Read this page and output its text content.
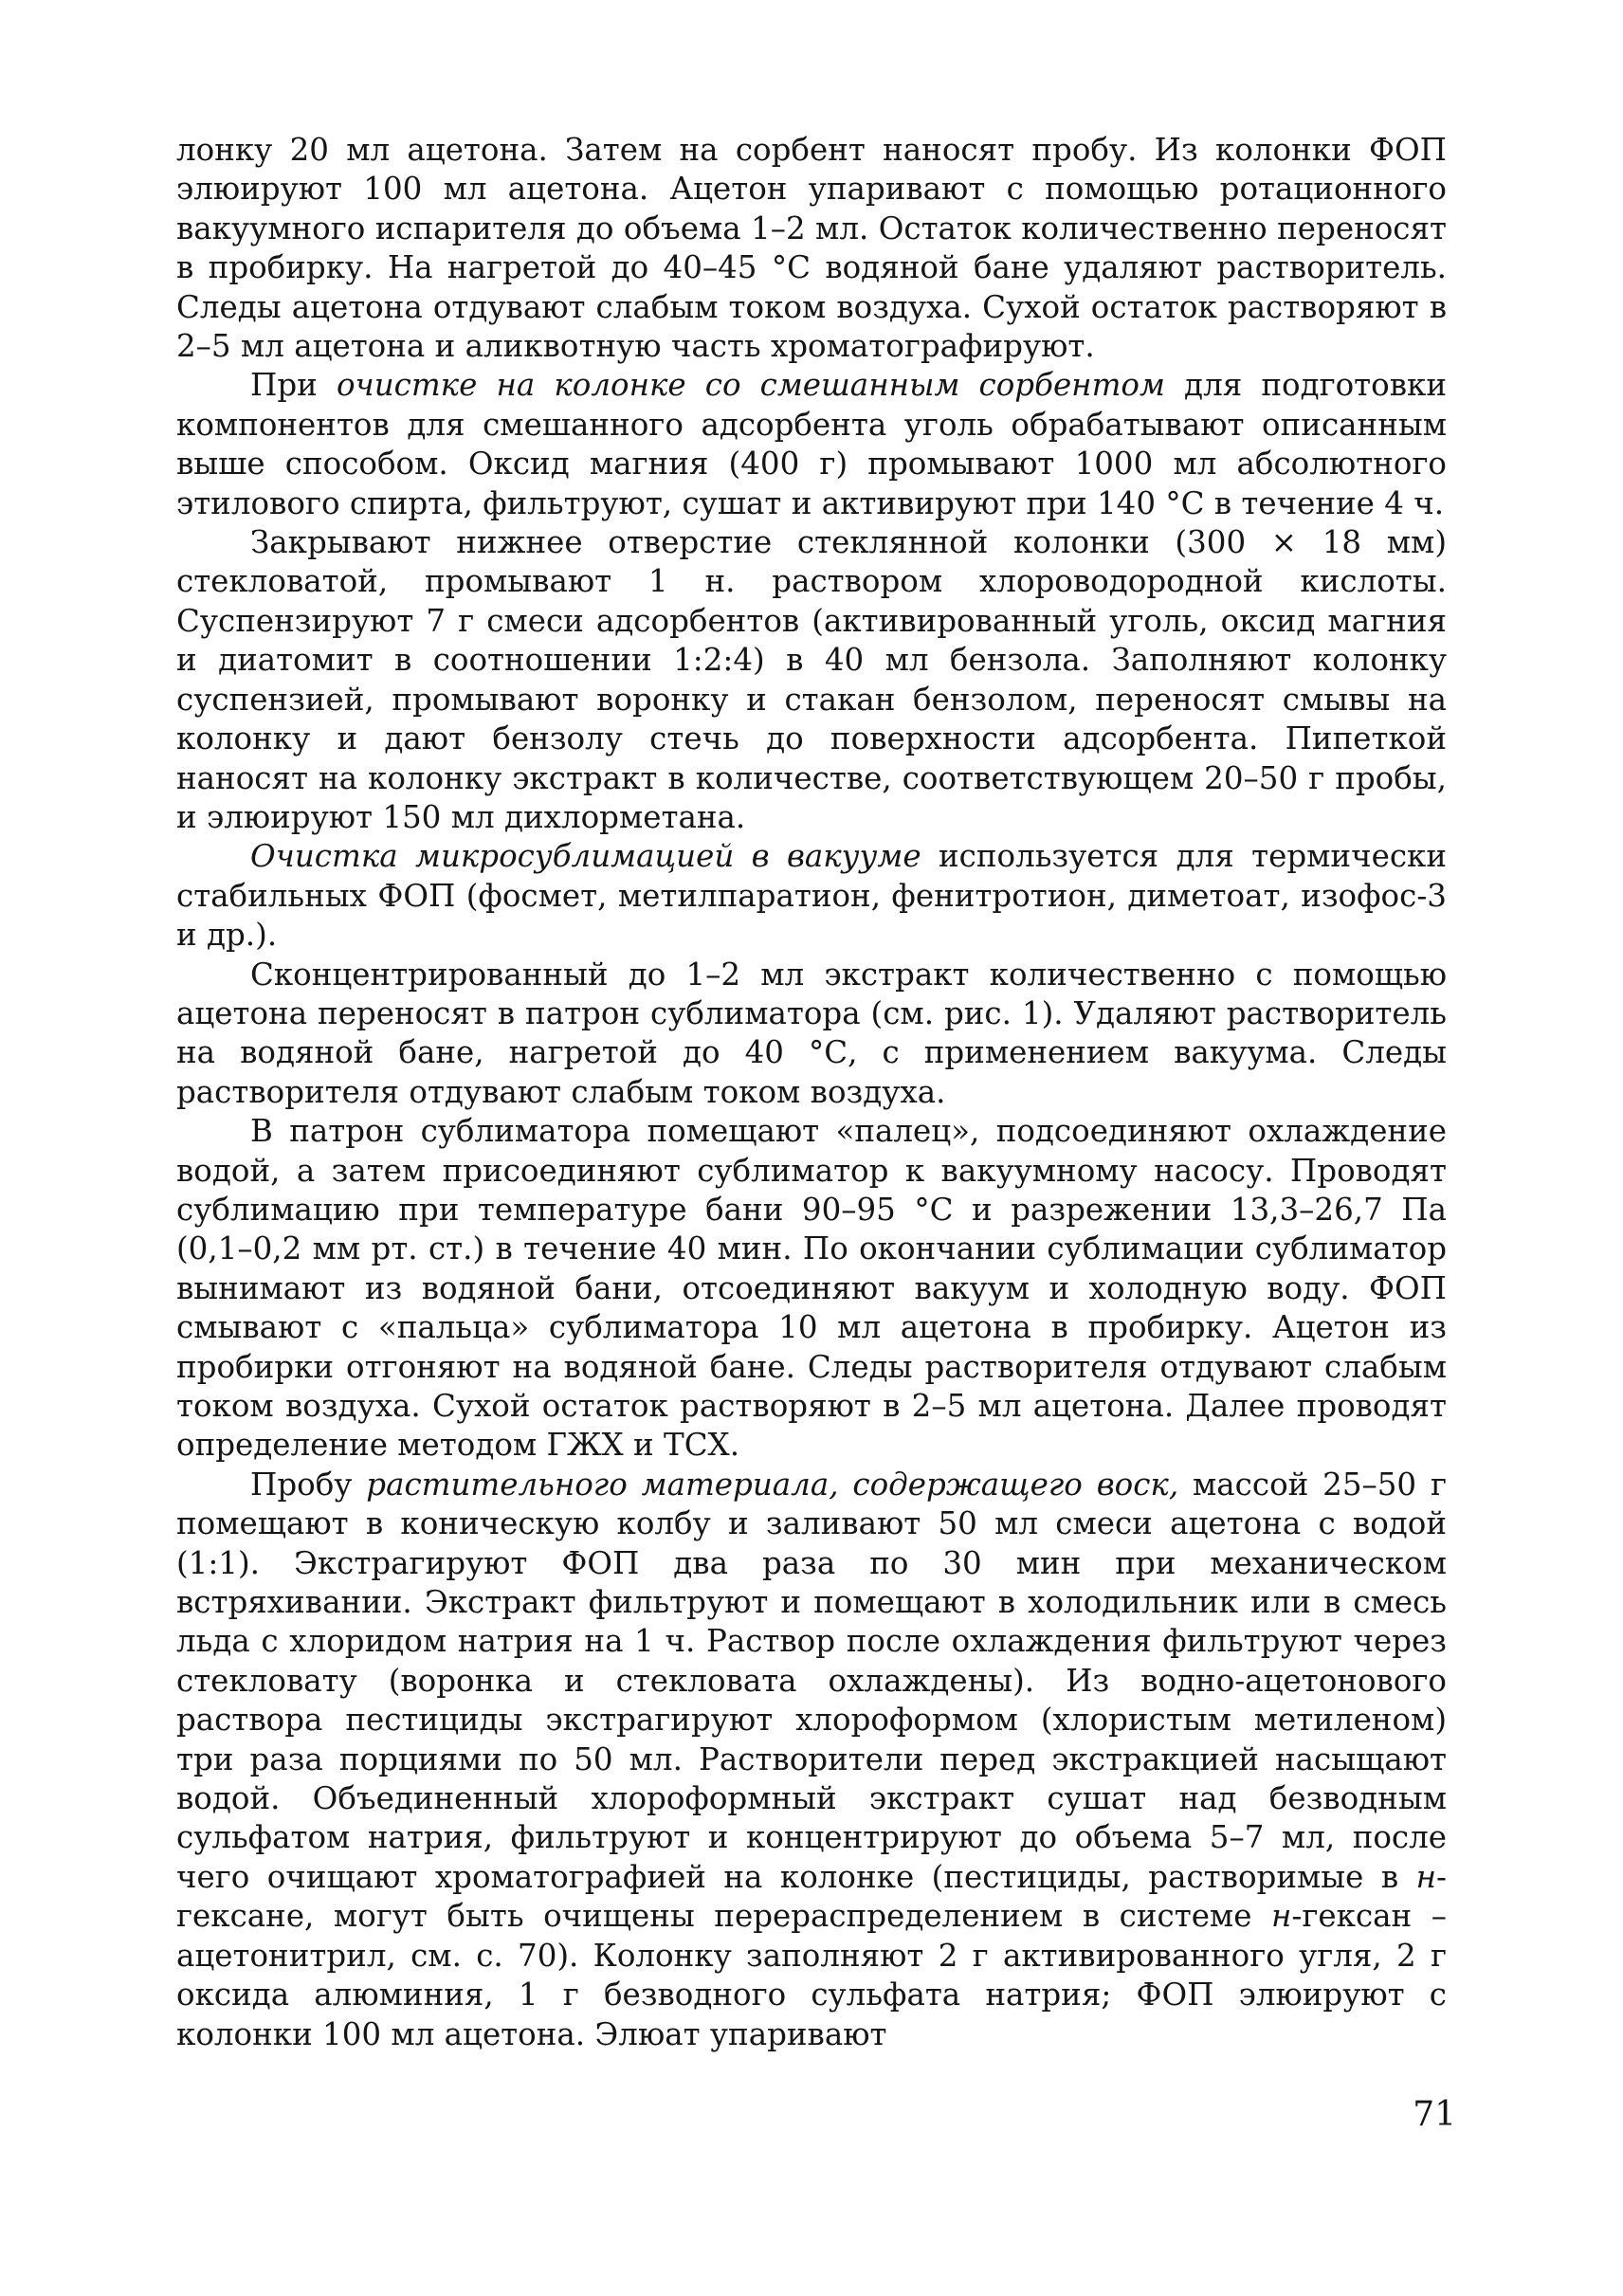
лонку 20 мл ацетона. Затем на сорбент наносят пробу. Из колонки ФОП элюируют 100 мл ацетона. Ацетон упаривают с помощью ротационного вакуумного испарителя до объема 1–2 мл. Остаток количественно переносят в пробирку. На нагретой до 40–45 °С водяной бане удаляют растворитель. Следы ацетона отдувают слабым током воздуха. Сухой остаток растворяют в 2–5 мл ацетона и аликвотную часть хроматографируют.

При очистке на колонке со смешанным сорбентом для подготовки компонентов для смешанного адсорбента уголь обрабатывают описанным выше способом. Оксид магния (400 г) промывают 1000 мл абсолютного этилового спирта, фильтруют, сушат и активируют при 140 °С в течение 4 ч.

Закрывают нижнее отверстие стеклянной колонки (300 × 18 мм) стекловатой, промывают 1 н. раствором хлороводородной кислоты. Суспензируют 7 г смеси адсорбентов (активированный уголь, оксид магния и диатомит в соотношении 1:2:4) в 40 мл бензола. Заполняют колонку суспензией, промывают воронку и стакан бензолом, переносят смывы на колонку и дают бензолу стечь до поверхности адсорбента. Пипеткой наносят на колонку экстракт в количестве, соответствующем 20–50 г пробы, и элюируют 150 мл дихлорметана.

Очистка микросублимацией в вакууме используется для термически стабильных ФОП (фосмет, метилпаратион, фенитротион, диметоат, изофос-3 и др.).

Сконцентрированный до 1–2 мл экстракт количественно с помощью ацетона переносят в патрон сублиматора (см. рис. 1). Удаляют растворитель на водяной бане, нагретой до 40 °С, с применением вакуума. Следы растворителя отдувают слабым током воздуха.

В патрон сублиматора помещают «палец», подсоединяют охлаждение водой, а затем присоединяют сублиматор к вакуумному насосу. Проводят сублимацию при температуре бани 90–95 °С и разрежении 13,3–26,7 Па (0,1–0,2 мм рт. ст.) в течение 40 мин. По окончании сублимации сублиматор вынимают из водяной бани, отсоединяют вакуум и холодную воду. ФОП смывают с «пальца» сублиматора 10 мл ацетона в пробирку. Ацетон из пробирки отгоняют на водяной бане. Следы растворителя отдувают слабым током воздуха. Сухой остаток растворяют в 2–5 мл ацетона. Далее проводят определение методом ГЖХ и ТСХ.

Пробу растительного материала, содержащего воск, массой 25–50 г помещают в коническую колбу и заливают 50 мл смеси ацетона с водой (1:1). Экстрагируют ФОП два раза по 30 мин при механическом встряхивании. Экстракт фильтруют и помещают в холодильник или в смесь льда с хлоридом натрия на 1 ч. Раствор после охлаждения фильтруют через стекловату (воронка и стекловата охлаждены). Из водно-ацетонового раствора пестициды экстрагируют хлороформом (хлористым метиленом) три раза порциями по 50 мл. Растворители перед экстракцией насыщают водой. Объединенный хлороформный экстракт сушат над безводным сульфатом натрия, фильтруют и концентрируют до объема 5–7 мл, после чего очищают хроматографией на колонке (пестициды, растворимые в н-гексане, могут быть очищены перераспределением в системе н-гексан – ацетонитрил, см. с. 70). Колонку заполняют 2 г активированного угля, 2 г оксида алюминия, 1 г безводного сульфата натрия; ФОП элюируют с колонки 100 мл ацетона. Элюат упаривают

71
